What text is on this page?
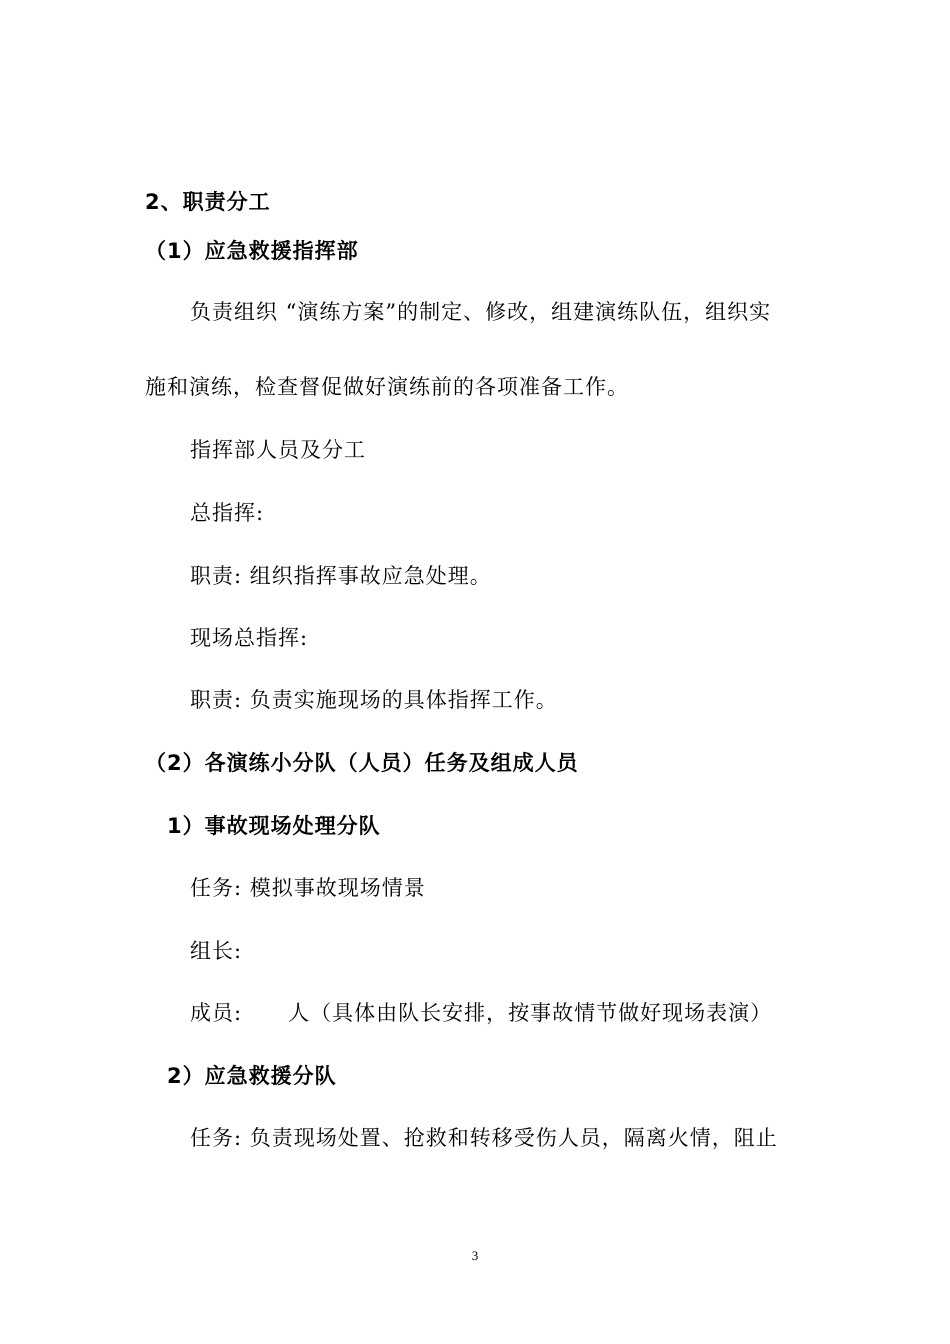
2、职责分工
（1）应急救援指挥部
负责组织 “演练方案”的制定、修改，组建演练队伍，组织实
施和演练，检查督促做好演练前的各项准备工作。
指挥部人员及分工
总指挥:
职责: 组织指挥事故应急处理。
现场总指挥:
职责: 负责实施现场的具体指挥工作。
（2）各演练小分队（人员）任务及组成人员
1）事故现场处理分队
任务: 模拟事故现场情景
组长:
成员:      人（具体由队长安排，按事故情节做好现场表演）
2）应急救援分队
任务: 负责现场处置、抢救和转移受伤人员，隔离火情，阻止
3
